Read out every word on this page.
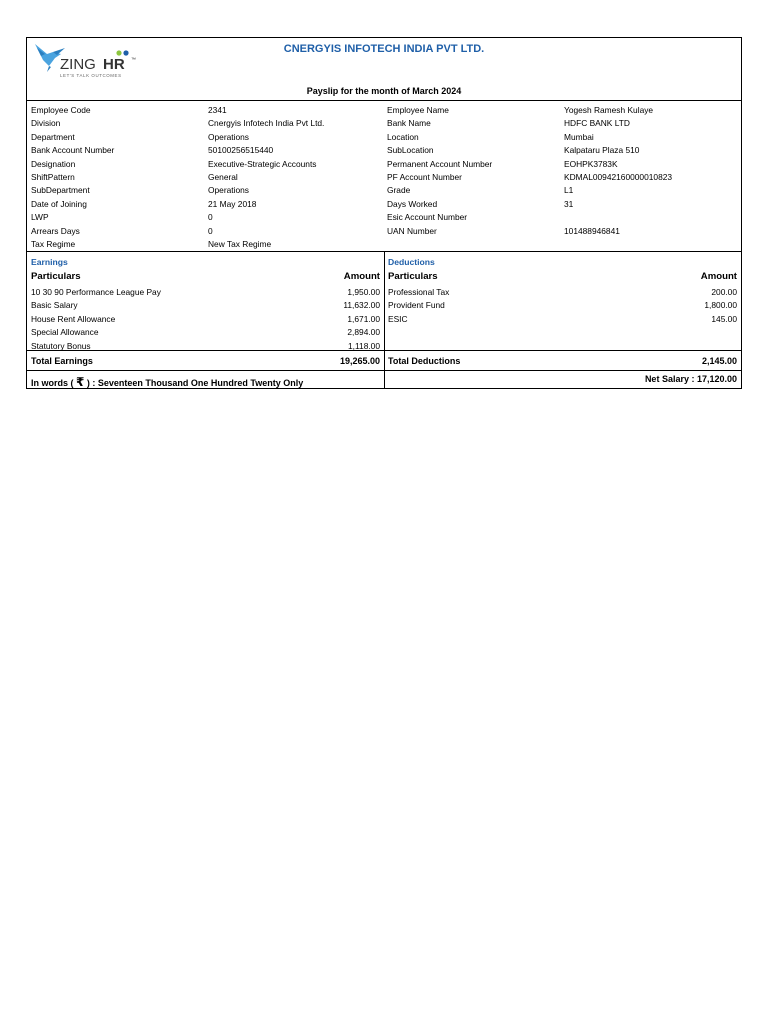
ZING HR ™
LET'S TALK OUTCOMES
CNERGYIS INFOTECH INDIA PVT LTD.
Payslip for the month of March 2024
Employee Code	2341	Employee Name	Yogesh Ramesh Kulaye
Division	Cnergyis Infotech India Pvt Ltd.	Bank Name	HDFC BANK LTD
Department	Operations	Location	Mumbai
Bank Account Number	50100256515440	SubLocation	Kalpataru Plaza 510
Designation	Executive-Strategic Accounts	Permanent Account Number	EOHPK3783K
ShiftPattern	General	PF Account Number	KDMAL00942160000010823
SubDepartment	Operations	Grade	L1
Date of Joining	21 May 2018	Days Worked	31
LWP	0	Esic Account Number
Arrears Days	0	UAN Number	101488946841
Tax Regime	New Tax Regime
Earnings
Particulars	Amount
10 30 90 Performance League Pay	1,950.00
Basic Salary	11,632.00
House Rent Allowance	1,671.00
Special Allowance	2,894.00
Statutory Bonus	1,118.00
Deductions
Particulars	Amount
Professional Tax	200.00
Provident Fund	1,800.00
ESIC	145.00
Total Earnings	19,265.00 Total Deductions	2,145.00
In words ( ₹ ) : Seventeen Thousand One Hundred Twenty Only	Net Salary : 17,120.00
